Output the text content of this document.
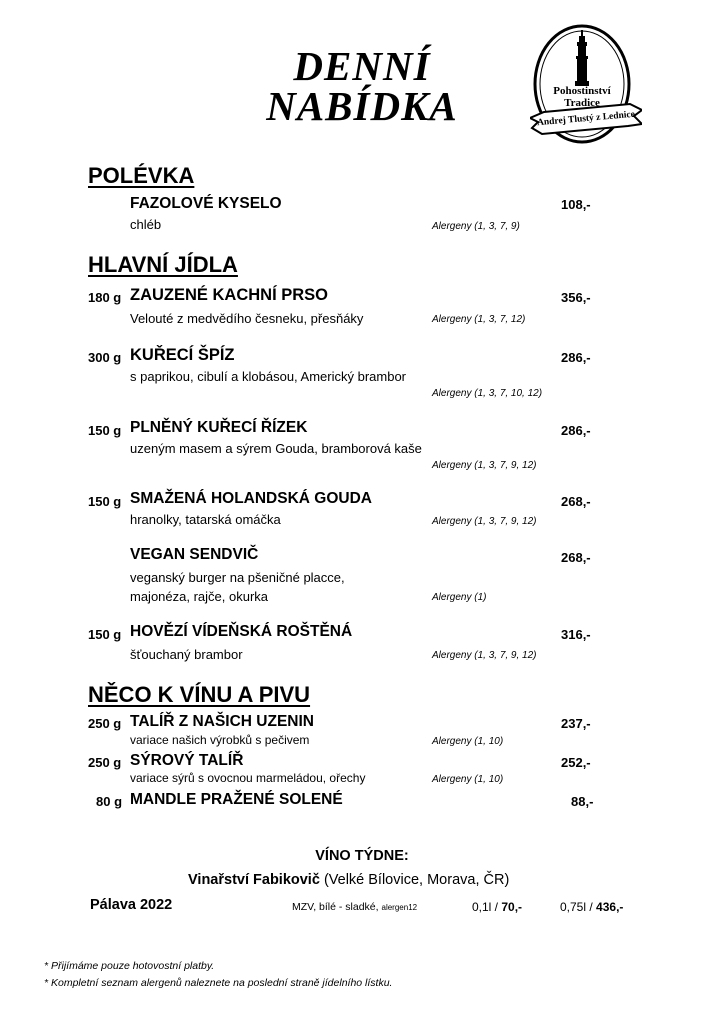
DENNÍ
NABÍDKA	Pohostinství
Tradice
Andrej Tlustý z Lednice
POLÉVKA
FAZOLOVÉ KYSELO	108,-
chléb	Alergeny (1, 3, 7, 9)
HLAVNÍ JÍDLA
180 g ZAUZENÉ KACHNÍ PRSO	356,-
Velouté z medvědího česneku, přesňáky	Alergeny (1, 3, 7, 12)
300 g KUŘECÍ ŠPÍZ	286,-
s paprikou, cibulí a klobásou, Americký brambor
Alergeny (1, 3, 7, 10, 12)
150 g PLNĚNÝ KUŘECÍ ŘÍZEK	286,-
uzeným masem a sýrem Gouda, bramborová kaše
Alergeny (1, 3, 7, 9, 12)
150 g SMAŽENÁ HOLANDSKÁ GOUDA	268,-
hranolky, tatarská omáčka	Alergeny (1, 3, 7, 9, 12)
VEGAN SENDVIČ	268,-
veganský burger na pšeničné placce,
majonéza, rajče, okurka	Alergeny (1)
150 g HOVĚZÍ VÍDEŇSKÁ ROŠTĚNÁ	316,-
šťouchaný brambor	Alergeny (1, 3, 7, 9, 12)
NĚCO K VÍNU A PIVU
250 g TALÍŘ Z NAŠICH UZENIN	237,-
variace našich výrobků s pečivem	Alergeny (1, 10)
250 g SÝROVÝ TALÍŘ	252,-
variace sýrů s ovocnou marmeládou, ořechy	Alergeny (1, 10)
80 g MANDLE PRAŽENÉ SOLENÉ	88,-
VÍNO TÝDNE:
Vinařství Fabikovič (Velké Bílovice, Morava, ČR)
Pálava 2022	MZV, bílé - sladké, alergen12	0,1l / 70,-	0,75l / 436,-
* Přijímáme pouze hotovostní platby.
* Kompletní seznam alergenů naleznete na poslední straně jídelního lístku.
